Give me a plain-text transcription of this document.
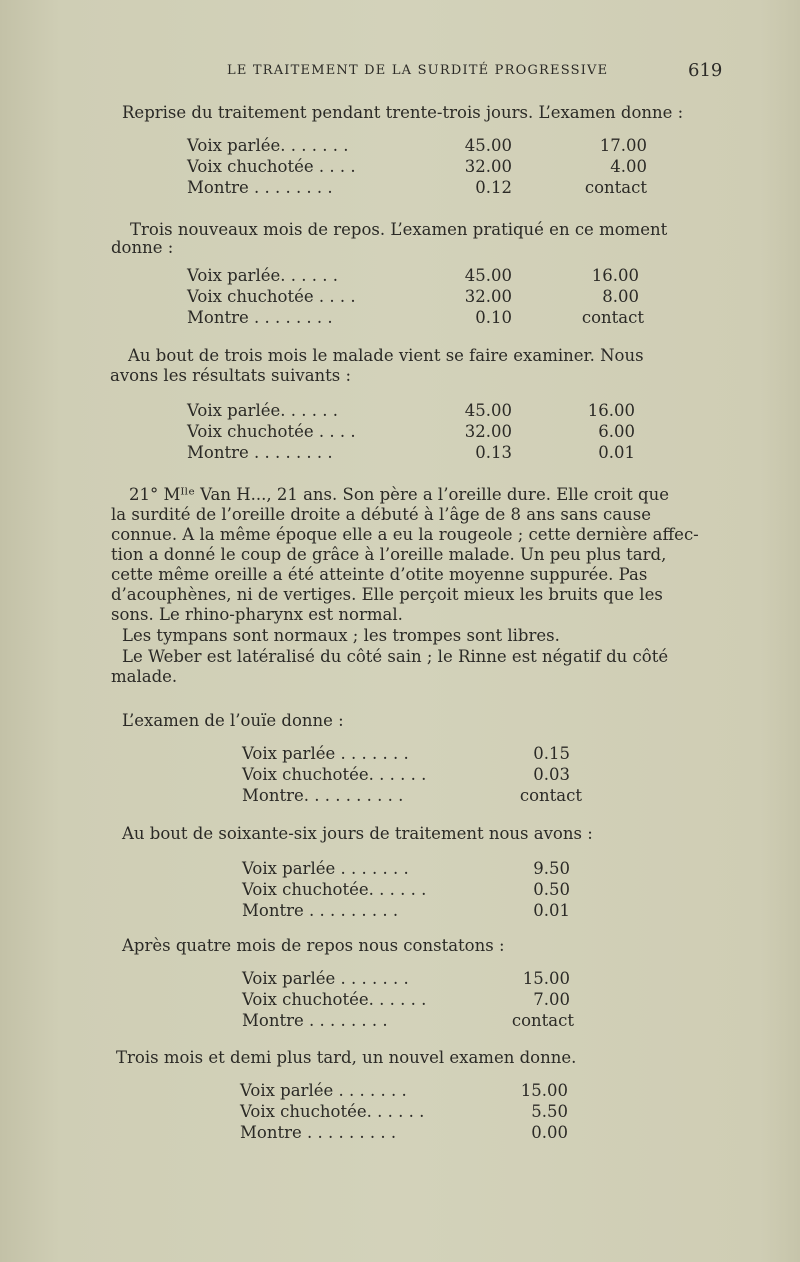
LE TRAITEMENT DE LA SURDITÉ PROGRESSIVE	619
Reprise du traitement pendant trente-trois jours. L’examen donne :
Voix parlée. . . . . . .	45.00	17.00
Voix chuchotée . . . .	32.00	4.00
Montre . . . . . . . .	0.12	contact
Trois nouveaux mois de repos. L’examen pratiqué en ce moment
donne :
Voix parlée. . . . . .	45.00	16.00
Voix chuchotée . . . .	32.00	8.00
Montre . . . . . . . .	0.10	contact
Au bout de trois mois le malade vient se faire examiner. Nous
avons les résultats suivants :
Voix parlée. . . . . .	45.00	16.00
Voix chuchotée . . . .	32.00	6.00
Montre . . . . . . . .	0.13	0.01
21° Mᴵˡᵉ Van H..., 21 ans. Son père a l’oreille dure. Elle croit que
la surdité de l’oreille droite a débuté à l’âge de 8 ans sans cause
connue. A la même époque elle a eu la rougeole ; cette dernière affec-
tion a donné le coup de grâce à l’oreille malade. Un peu plus tard,
cette même oreille a été atteinte d’otite moyenne suppurée. Pas
d’acouphènes, ni de vertiges. Elle perçoit mieux les bruits que les
sons. Le rhino-pharynx est normal.
Les tympans sont normaux ; les trompes sont libres.
Le Weber est latéralisé du côté sain ; le Rinne est négatif du côté
malade.
L’examen de l’ouïe donne :
Voix parlée . . . . . . .	0.15
Voix chuchotée. . . . . .	0.03
Montre. . . . . . . . . .	contact
Au bout de soixante-six jours de traitement nous avons :
Voix parlée . . . . . . .	9.50
Voix chuchotée. . . . . .	0.50
Montre . . . . . . . . .	0.01
Après quatre mois de repos nous constatons :
Voix parlée . . . . . . .	15.00
Voix chuchotée. . . . . .	7.00
Montre . . . . . . . .	contact
Trois mois et demi plus tard, un nouvel examen donne.
Voix parlée . . . . . . .	15.00
Voix chuchotée. . . . . .	5.50
Montre . . . . . . . . .	0.00
